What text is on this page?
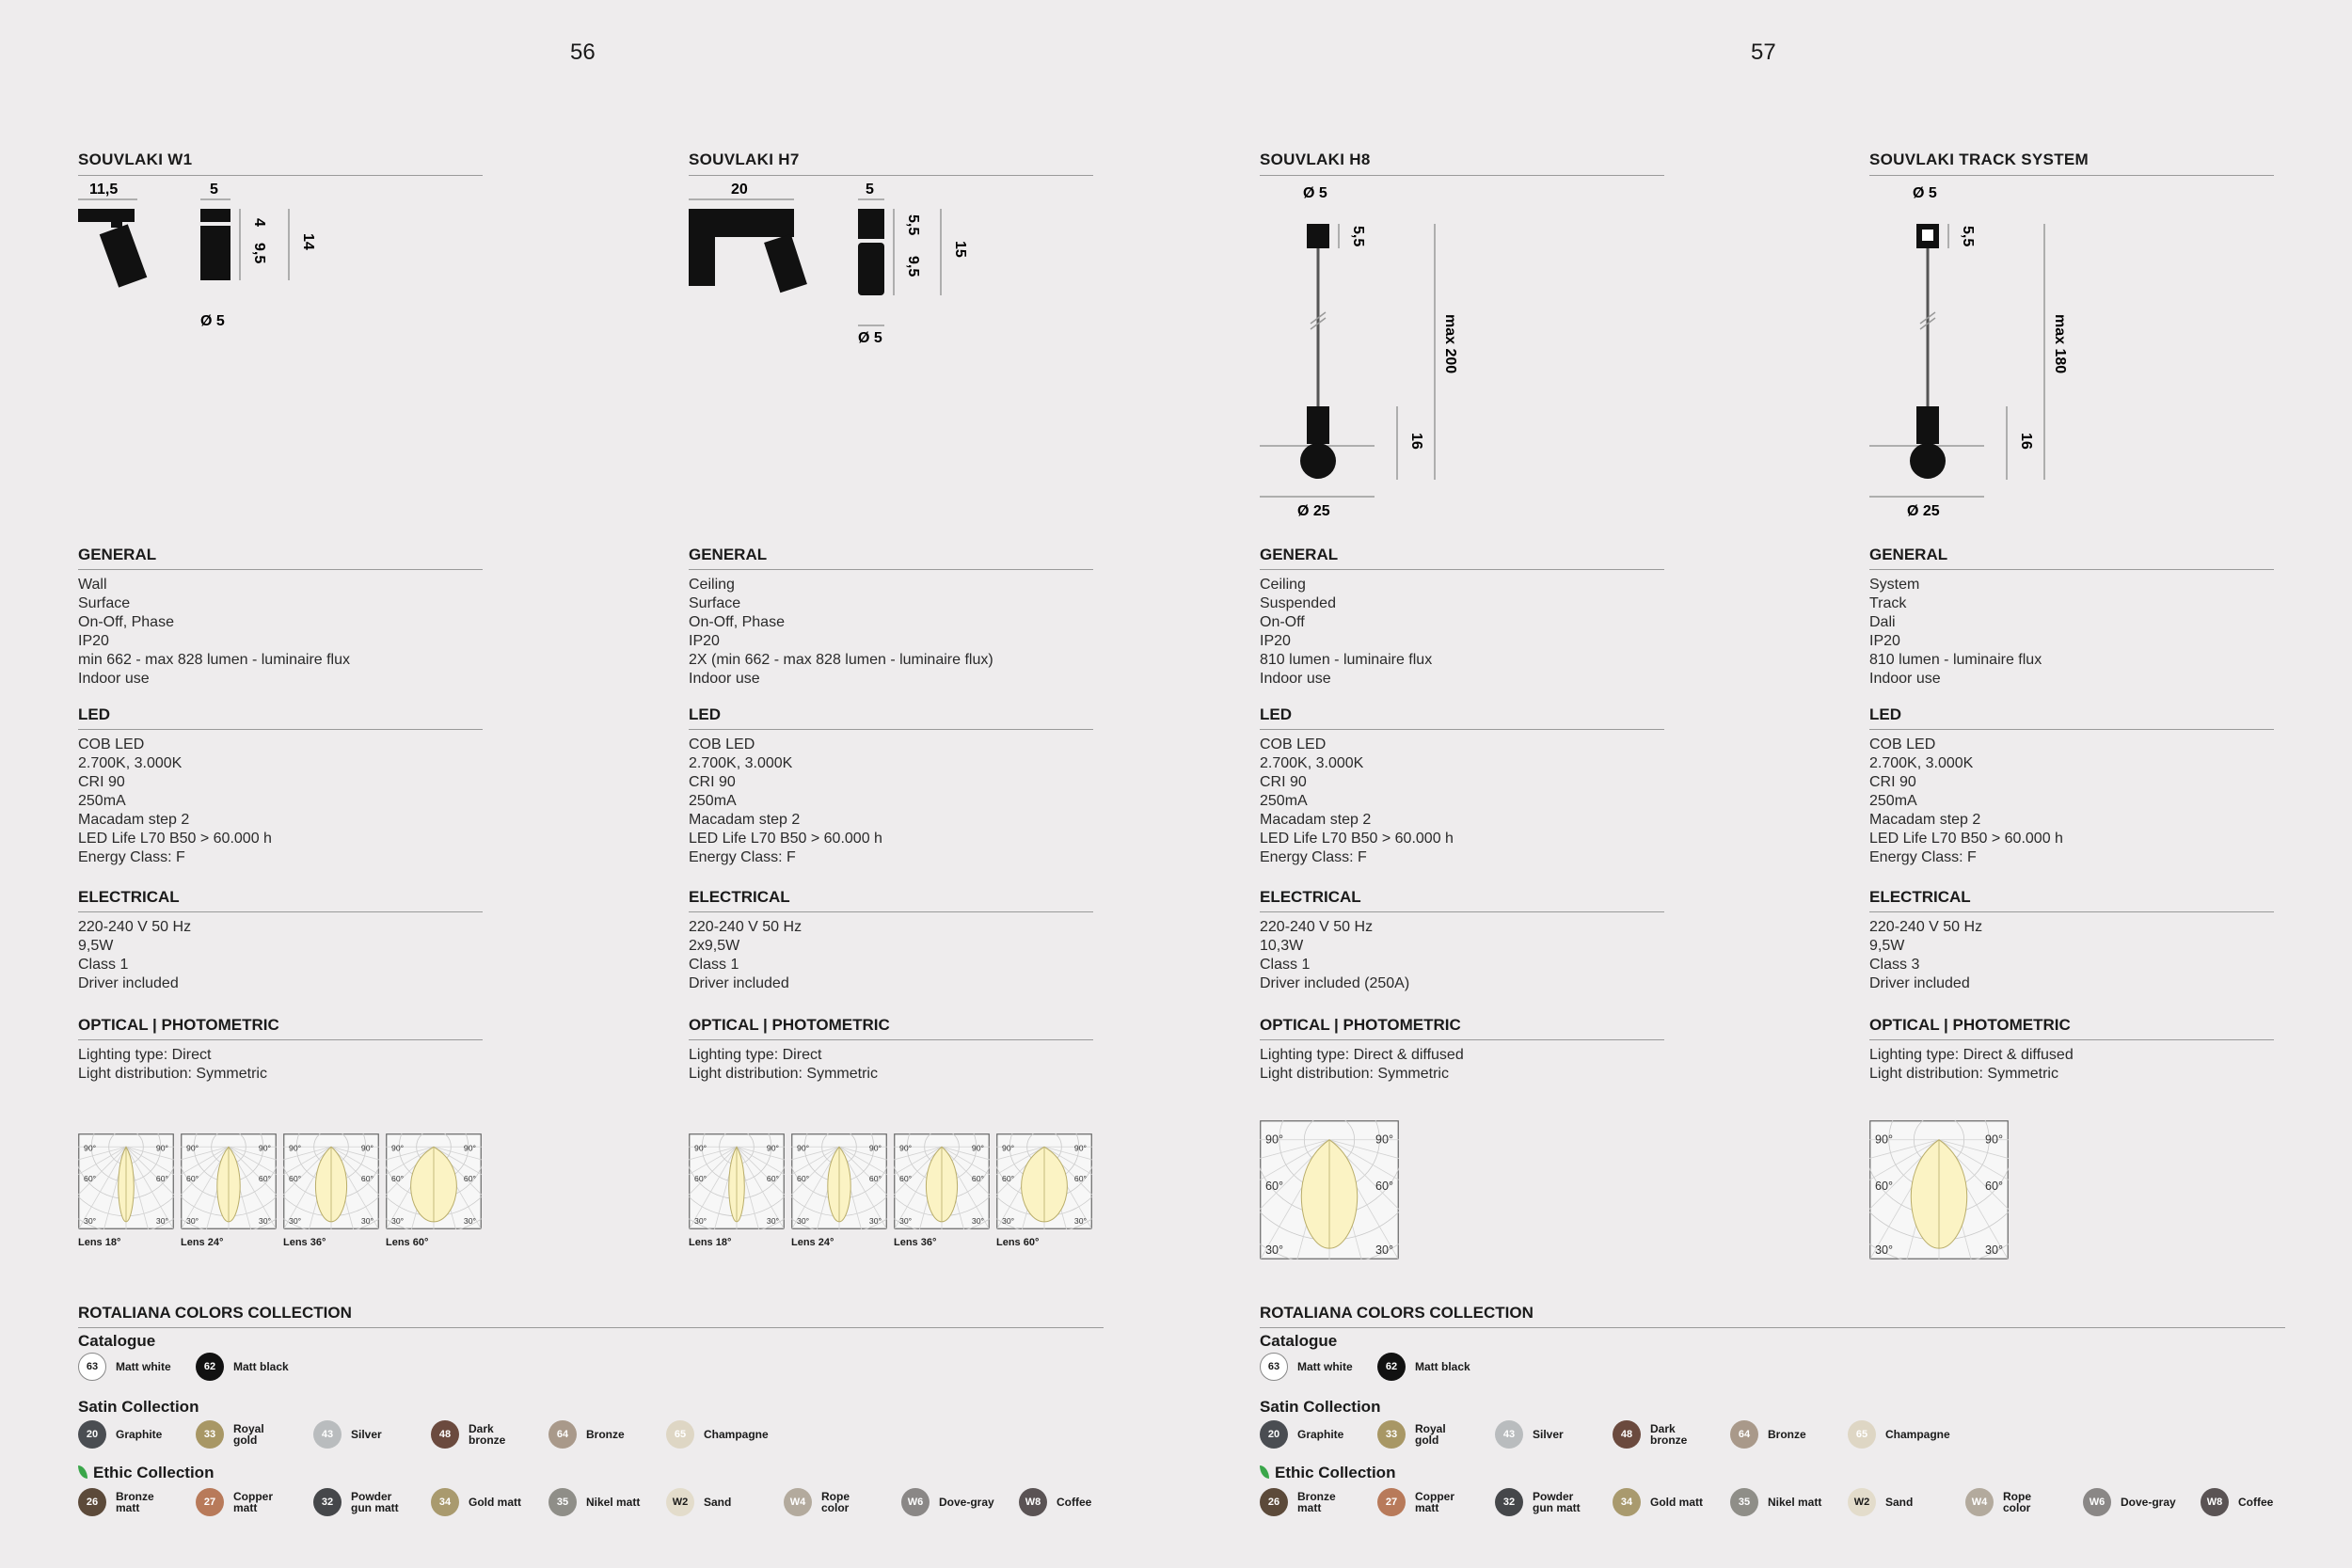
56	57
SOUVLAKI W1
11,5	5
4
9,5
14
Ø 5
GENERAL

Wall

Surface

On-Off, Phase

IP20

min 662 - max 828 lumen - luminaire flux

Indoor use

LED

COB LED

2.700K, 3.000K

CRI 90

250mA

Macadam step 2

LED Life L70 B50 > 60.000 h

Energy Class: F

ELECTRICAL

220-240 V 50 Hz

9,5W

Class 1

Driver included

OPTICAL | PHOTOMETRIC

Lighting type: Direct

Light distribution: Symmetric

90°	90°
60°	60°
30°	30°
Lens 18°
90°	90°
60°	60°
30°	30°
Lens 24°
90°	90°
60°	60°
30°	30°
Lens 36°
90°	90°
60°	60°
30°	30°
Lens 60°
SOUVLAKI H7
20	5
5,5
9,5
15
Ø 5
GENERAL

Ceiling

Surface

On-Off, Phase

IP20

2X (min 662 - max 828 lumen - luminaire flux)

Indoor use

LED

COB LED

2.700K, 3.000K

CRI 90

250mA

Macadam step 2

LED Life L70 B50 > 60.000 h

Energy Class: F

ELECTRICAL

220-240 V 50 Hz

2x9,5W

Class 1

Driver included

OPTICAL | PHOTOMETRIC

Lighting type: Direct

Light distribution: Symmetric

90°	90°
60°	60°
30°	30°
Lens 18°
90°	90°
60°	60°
30°	30°
Lens 24°
90°	90°
60°	60°
30°	30°
Lens 36°
90°	90°
60°	60°
30°	30°
Lens 60°
SOUVLAKI H8
Ø 5
5,5
16
max 200
Ø 25
GENERAL

Ceiling

Suspended

On-Off

IP20

810 lumen - luminaire flux

Indoor use

LED

COB LED

2.700K, 3.000K

CRI 90

250mA

Macadam step 2

LED Life L70 B50 > 60.000 h

Energy Class: F

ELECTRICAL

220-240 V 50 Hz

10,3W

Class 1

Driver included (250A)

OPTICAL | PHOTOMETRIC

Lighting type: Direct & diffused

Light distribution: Symmetric

90°	90°
60°	60°
30°	30°
SOUVLAKI TRACK SYSTEM
Ø 5
5,5
16
max 180
Ø 25
GENERAL

System

Track

Dali

IP20

810 lumen - luminaire flux

Indoor use

LED

COB LED

2.700K, 3.000K

CRI 90

250mA

Macadam step 2

LED Life L70 B50 > 60.000 h

Energy Class: F

ELECTRICAL

220-240 V 50 Hz

9,5W

Class 3

Driver included

OPTICAL | PHOTOMETRIC

Lighting type: Direct & diffused

Light distribution: Symmetric

90°	90°
60°	60°
30°	30°
ROTALIANA COLORS COLLECTION
Catalogue
63	Matt white	62	Matt black
Satin Collection
20	Graphite	33	Royal gold	43	Silver	48	Dark bronze	64	Bronze	65	Champagne
Ethic Collection
26	Bronze matt	27	Copper matt	32	Powder gun matt	34	Gold matt	35	Nikel matt	W2	Sand	W4	Rope color	W6	Dove-gray	W8	Coffee
ROTALIANA COLORS COLLECTION
Catalogue
63	Matt white	62	Matt black
Satin Collection
20	Graphite	33	Royal gold	43	Silver	48	Dark bronze	64	Bronze	65	Champagne
Ethic Collection
26	Bronze matt	27	Copper matt	32	Powder gun matt	34	Gold matt	35	Nikel matt	W2	Sand	W4	Rope color	W6	Dove-gray	W8	Coffee
